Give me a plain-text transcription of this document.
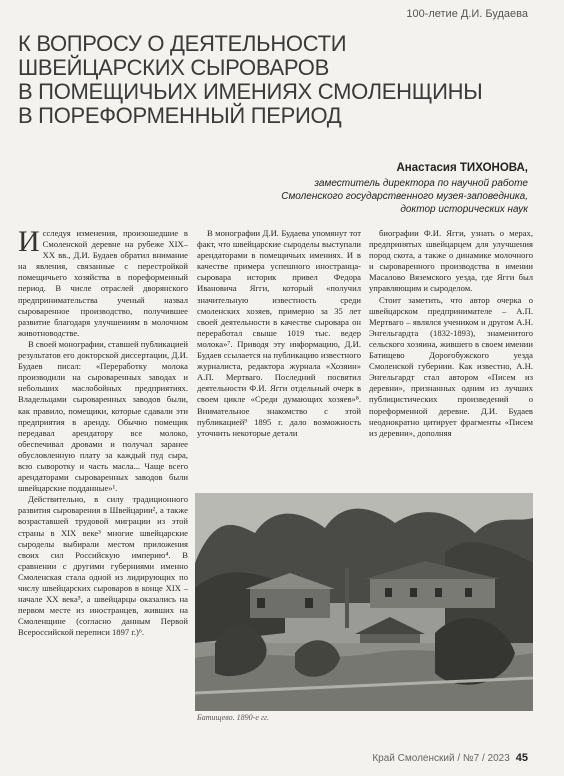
100-летие Д.И. Будаева
К ВОПРОСУ О ДЕЯТЕЛЬНОСТИ
ШВЕЙЦАРСКИХ СЫРОВАРОВ
В ПОМЕЩИЧЬИХ ИМЕНИЯХ СМОЛЕНЩИНЫ
В ПОРЕФОРМЕННЫЙ ПЕРИОД
Анастасия ТИХОНОВА,
заместитель директора по научной работе
Смоленского государственного музея-заповедника,
доктор исторических наук

Исследуя изменения, произошедшие в Смоленской деревне на рубеже XIX–XX вв., Д.И. Будаев обратил внимание на явления, связанные с перестройкой помещичьего хозяйства в пореформенный период. В числе отраслей дворянского предпринимательства ученый назвал сыроваренное производство, получившее развитие благодаря улучшениям в молочном животноводстве.

В своей монографии, ставшей публикацией результатов его докторской диссертации, Д.И. Будаев писал: «Переработку молока производили на сыроваренных заводах и небольших маслобойных предприятиях. Владельцами сыроваренных заводов были, как правило, помещики, которые сдавали эти предприятия в аренду. Обычно помещик передавал арендатору все молоко, обеспечивал дровами и получал заранее обусловленную плату за каждый пуд сыра, всю сыворотку и часть масла... Чаще всего арендаторами сыроваренных заводов были швейцарские подданные»¹.

Действительно, в силу традиционного развития сыроварения в Швейцарии², а также возраставшей трудовой миграции из этой страны в XIX веке³ многие швейцарские сыроделы выбирали местом приложения своих сил Российскую империю⁴. В сравнении с другими губерниями именно Смоленская стала одной из лидирующих по числу швейцарских сыроваров в конце XIX – начале XX века⁵, а швейцарцы оказались на первом месте из иностранцев, живших на Смоленщине (согласно данным Первой Всероссийской переписи 1897 г.)⁶.

В монографии Д.И. Будаева упомянут тот факт, что швейцарские сыроделы выступали арендаторами в помещичьих имениях. И в качестве примера успешного иностранца-сыровара историк привел Федора Ивановича Ягги, который «получил значительную известность среди смоленских хозяев, примерно за 35 лет своей деятельности в качестве сыровара он переработал свыше 1019 тыс. ведер молока»⁷. Приводя эту информацию, Д.И. Будаев ссылается на публикацию известного журналиста, редактора журнала «Хозяин» А.П. Мертваго. Последний посвятил деятельности Ф.И. Ягги отдельный очерк в своем цикле «Среди думающих хозяев»⁸. Внимательное знакомство с этой публикацией⁹ 1895 г. дало возможность уточнить некоторые детали

биографии Ф.И. Ягги, узнать о мерах, предпринятых швейцарцем для улучшения пород скота, а также о динамике молочного и сыроваренного производства в имении Масалово Вяземского уезда, где Ягги был управляющим и сыроделом.

Стоит заметить, что автор очерка о швейцарском предпринимателе – А.П. Мертваго – являлся учеником и другом А.Н. Энгельгардта (1832-1893), знаменитого сельского хозяина, жившего в своем имении Батищево Дорогобужского уезда Смоленской губернии. Как известно, А.Н. Энгельгардт стал автором «Писем из деревни», признанных одним из лучших публицистических произведений о пореформенной деревне. Д.И. Будаев неоднократно цитирует фрагменты «Писем из деревни», дополняя

Батищево. 1890-е гг.
Край Смоленский / №7 / 2023 45
